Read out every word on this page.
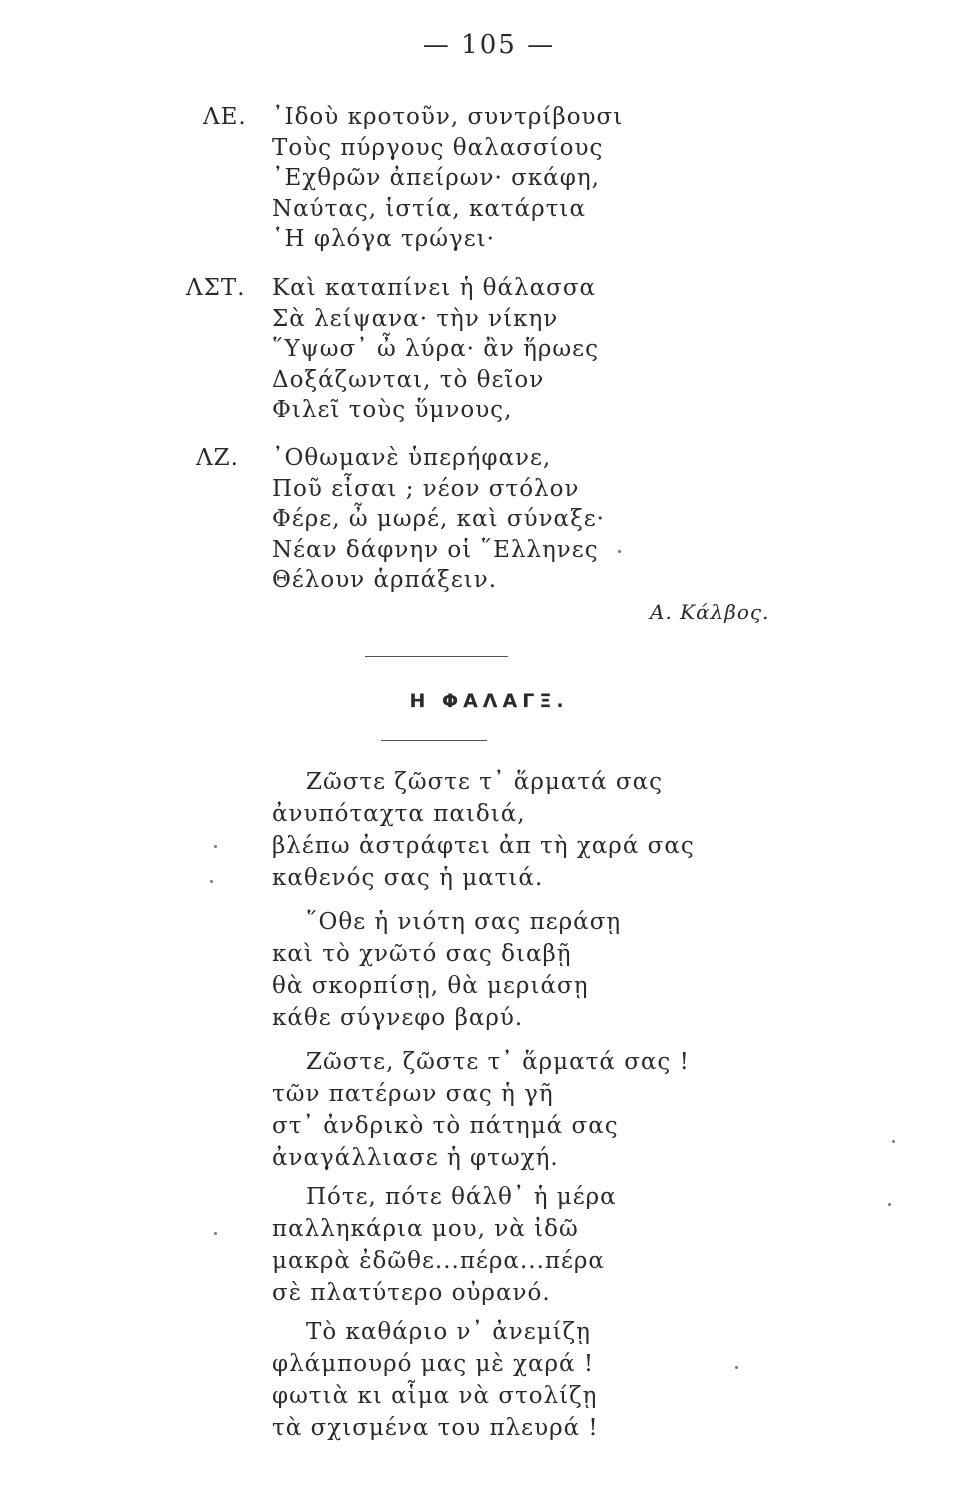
— 105 —
ΛΕ. ᾿Ιδοὺ κροτοῦν, συντρίβουσι
Τοὺς πύργους θαλασσίους
᾿Εχθρῶν ἀπείρων· σκάφη,
Ναύτας, ἱστία, κατάρτια
῾Η φλόγα τρώγει·
ΛΣΤ. Καὶ καταπίνει ἡ θάλασσα
Σὰ λείψανα· τὴν νίκην
῞Υψωσ᾿ ὦ λύρα· ἂν ἥρωες
Δοξάζωνται, τὸ θεῖον
Φιλεῖ τοὺς ὕμνους,
ΛΖ. ᾿Οθωμανὲ ὑπερήφανε,
Ποῦ εἶσαι ; νέον στόλον
Φέρε, ὦ μωρέ, καὶ σύναξε·
Νέαν δάφνην οἱ ῞Ελληνες
Θέλουν ἁρπάξειν.
Α. Κάλβος.
Η ΦΑΛΑΓΞ.
Ζῶστε ζῶστε τ᾿ ἅρματά σας
ἀνυπόταχτα παιδιά,
βλέπω ἀστράφτει ἀπ τὴ χαρά σας
καθενός σας ἡ ματιά.
῞Οθε ἡ νιότη σας περάσῃ
καὶ τὸ χνῶτό σας διαβῇ
θὰ σκορπίσῃ, θὰ μεριάσῃ
κάθε σύγνεφο βαρύ.
Ζῶστε, ζῶστε τ᾿ ἅρματά σας !
τῶν πατέρων σας ἡ γῆ
στ᾿ ἀνδρικὸ τὸ πάτημά σας
ἀναγάλλιασε ἡ φτωχή.
Πότε, πότε θάλθ᾿ ἡ μέρα
παλληκάρια μου, νὰ ἰδῶ
μακρὰ ἐδῶθε...πέρα...πέρα
σὲ πλατύτερο οὐρανό.
Τὸ καθάριο ν᾿ ἀνεμίζῃ
φλάμπουρό μας μὲ χαρά !
φωτιὰ κι αἷμα νὰ στολίζῃ
τὰ σχισμένα του πλευρά !
